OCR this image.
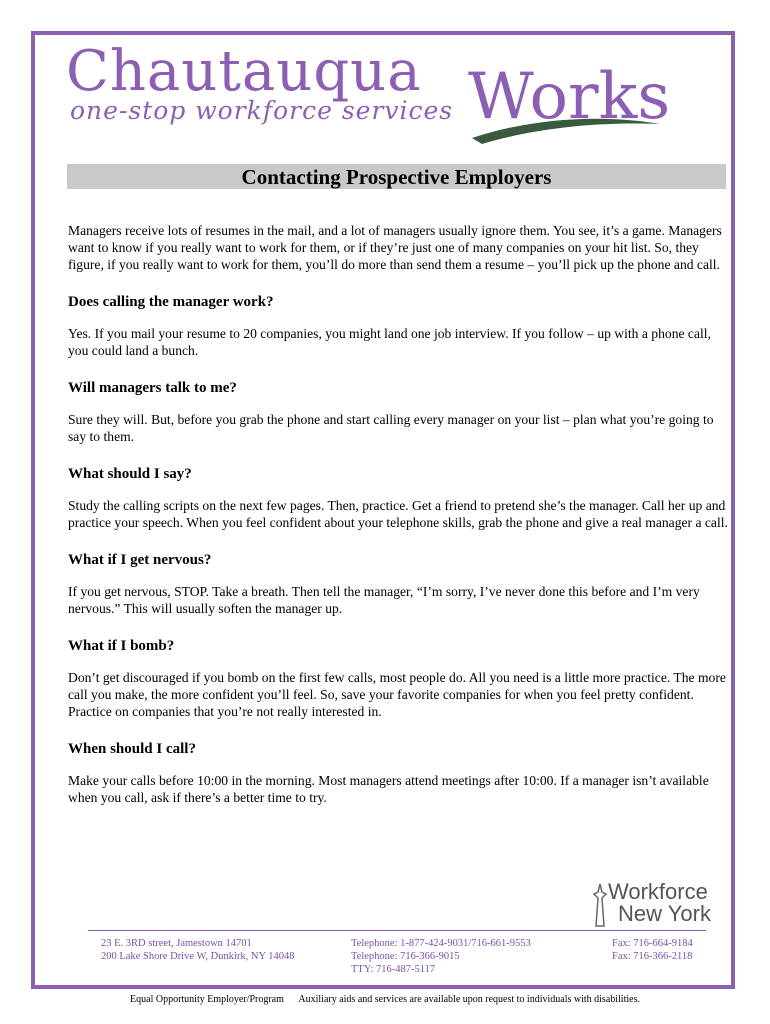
Chautauqua Works
one-stop workforce services
Contacting Prospective Employers

Managers receive lots of resumes in the mail, and a lot of managers usually ignore them. You see, it’s a game. Managers want to know if you really want to work for them, or if they’re just one of many companies on your hit list. So, they figure, if you really want to work for them, you’ll do more than send them a resume – you’ll pick up the phone and call.

Does calling the manager work?

Yes. If you mail your resume to 20 companies, you might land one job interview. If you follow – up with a phone call, you could land a bunch.

Will managers talk to me?

Sure they will. But, before you grab the phone and start calling every manager on your list – plan what you’re going to say to them.

What should I say?

Study the calling scripts on the next few pages. Then, practice. Get a friend to pretend she’s the manager. Call her up and practice your speech. When you feel confident about your telephone skills, grab the phone and give a real manager a call.

What if I get nervous?

If you get nervous, STOP. Take a breath. Then tell the manager, “I’m sorry, I’ve never done this before and I’m very nervous.” This will usually soften the manager up.

What if I bomb?

Don’t get discouraged if you bomb on the first few calls, most people do. All you need is a little more practice. The more call you make, the more confident you’ll feel. So, save your favorite companies for when you feel pretty confident. Practice on companies that you’re not really interested in.

When should I call?

Make your calls before 10:00 in the morning. Most managers attend meetings after 10:00. If a manager isn’t available when you call, ask if there’s a better time to try.

Workforce
New York
23 E. 3RD street, Jamestown 14701
200 Lake Shore Drive W, Dunkirk, NY 14048
Telephone: 1-877-424-9031/716-661-9553
Telephone: 716-366-9015
TTY: 716-487-5117
Fax: 716-664-9184
Fax: 716-366-2118
Equal Opportunity Employer/Program Auxiliary aids and services are available upon request to individuals with disabilities.
